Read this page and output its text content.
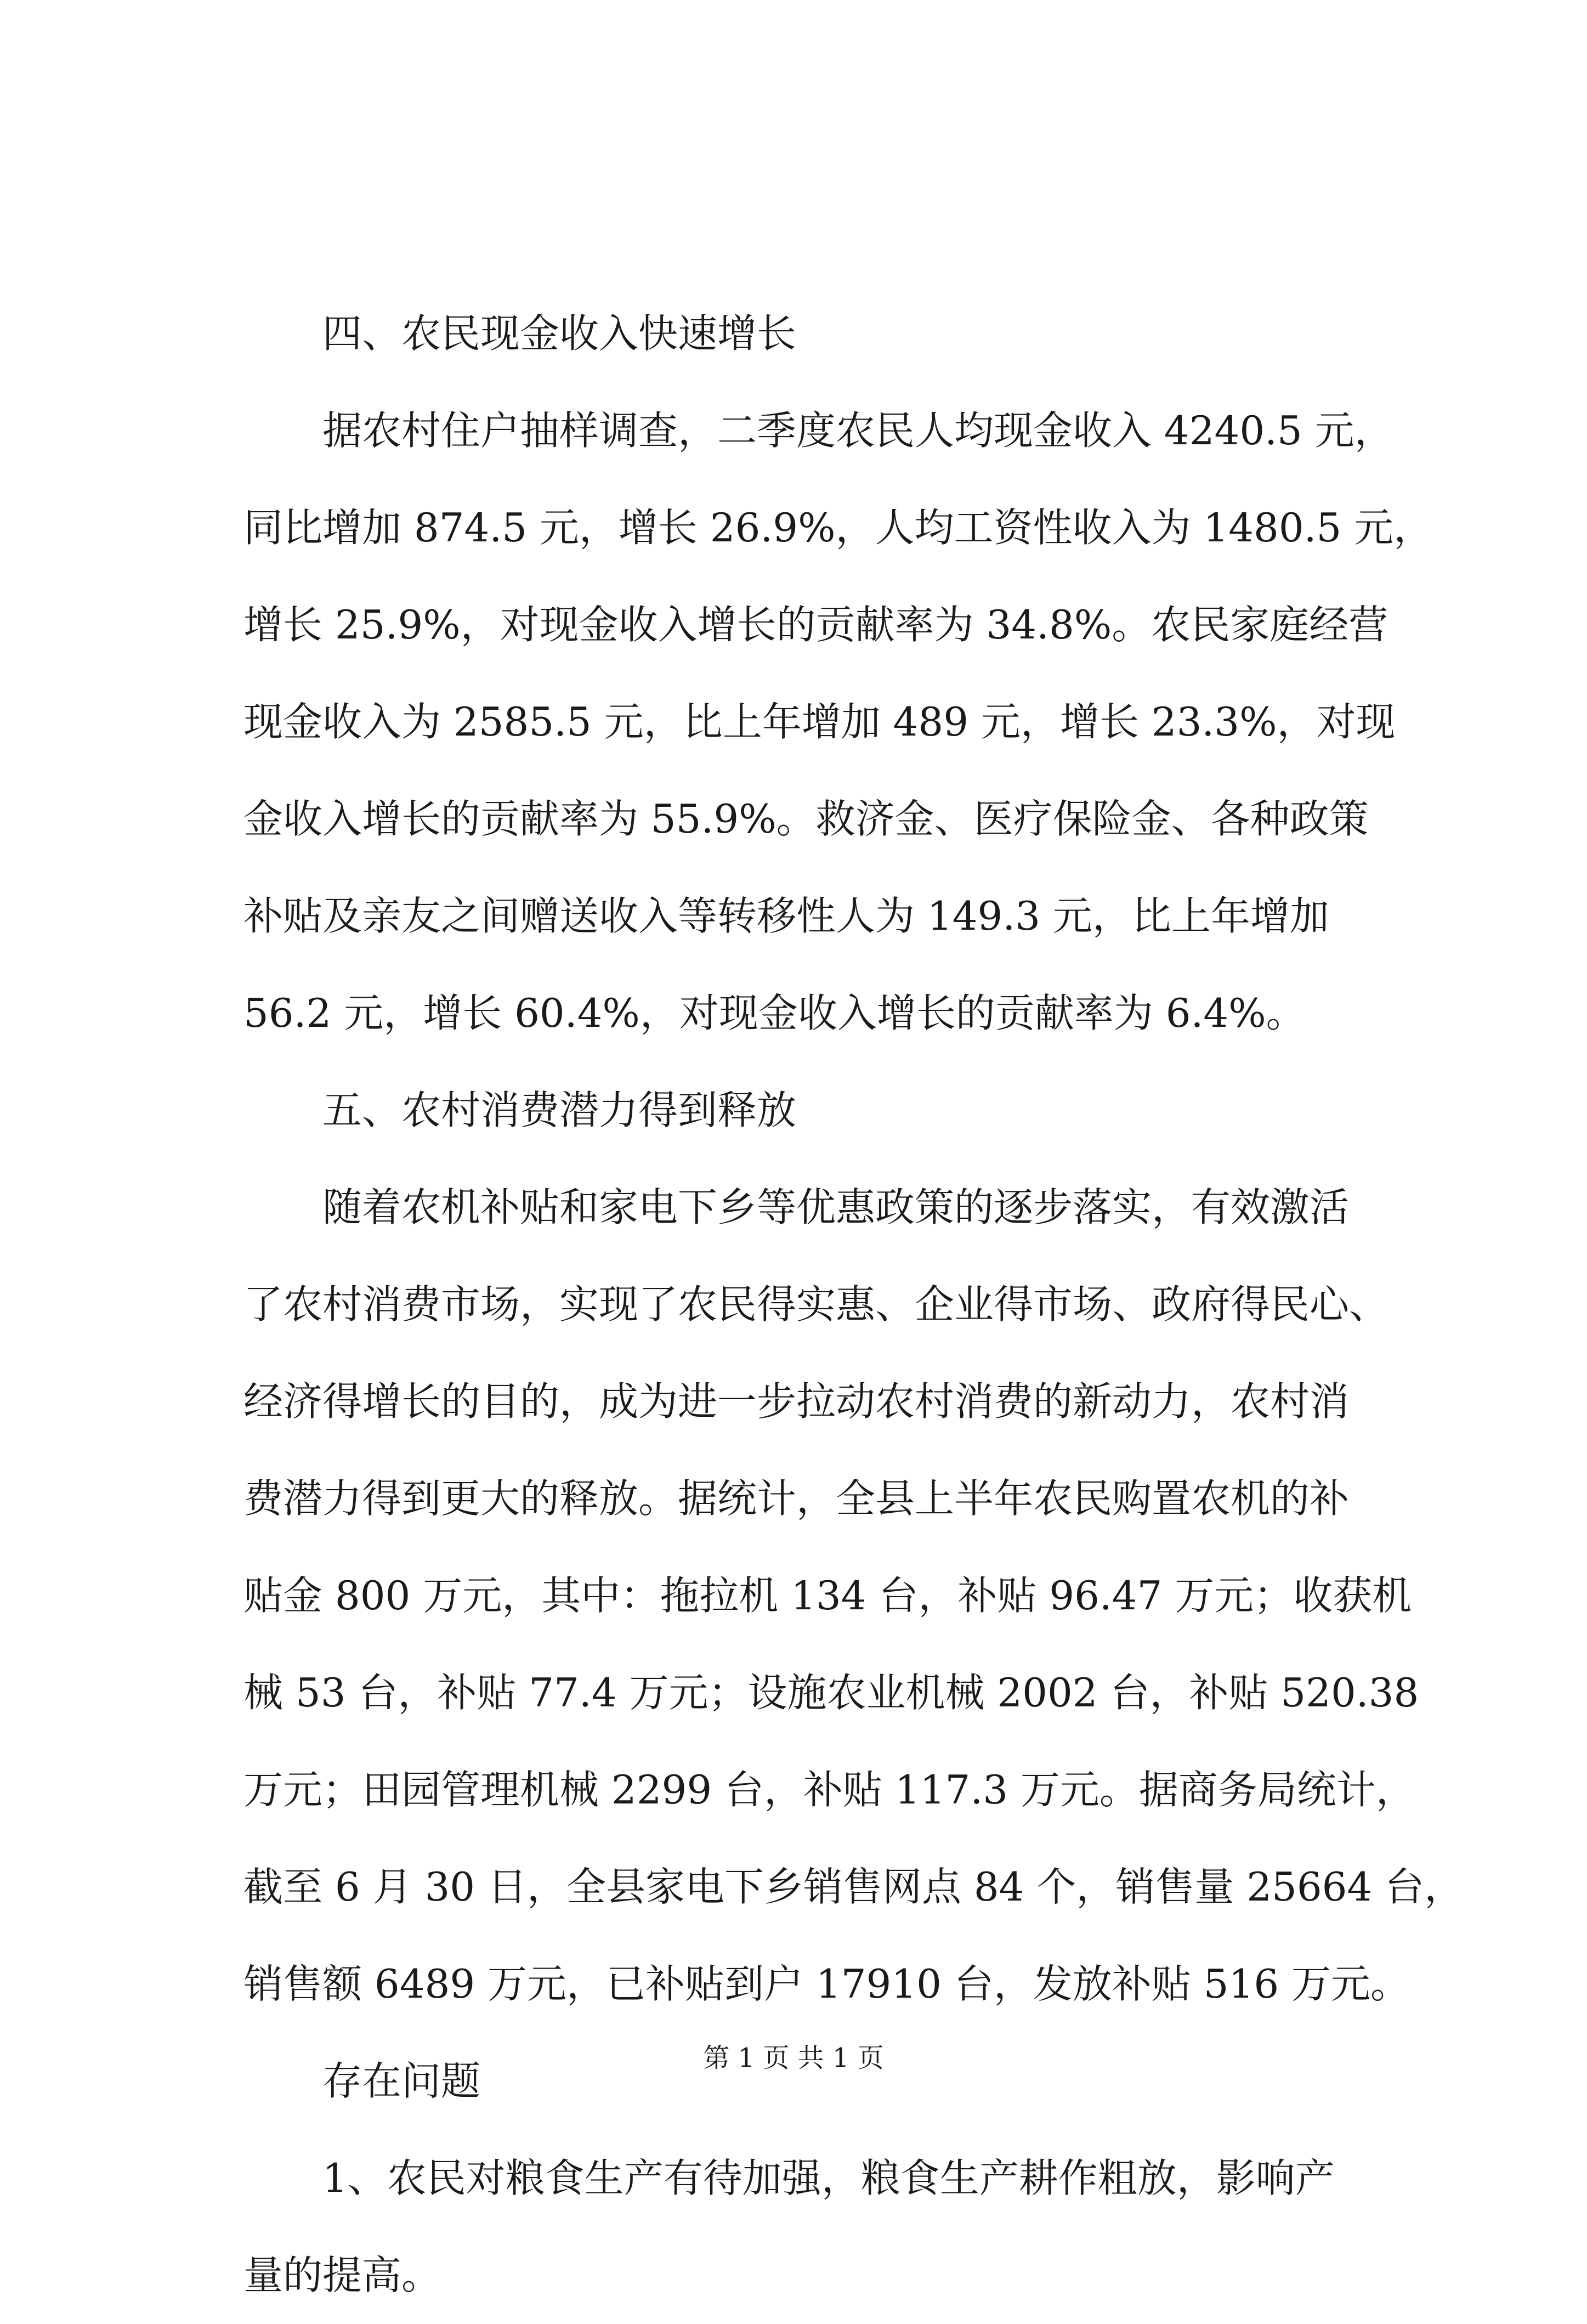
四、农民现金收入快速增长
据农村住户抽样调查，二季度农民人均现金收入 4240.5 元，
同比增加 874.5 元，增长 26.9%，人均工资性收入为 1480.5 元，
增长 25.9%，对现金收入增长的贡献率为 34.8%。农民家庭经营
现金收入为 2585.5 元，比上年增加 489 元，增长 23.3%，对现
金收入增长的贡献率为 55.9%。救济金、医疗保险金、各种政策
补贴及亲友之间赠送收入等转移性人为 149.3 元，比上年增加
56.2 元，增长 60.4%，对现金收入增长的贡献率为 6.4%。
五、农村消费潜力得到释放
随着农机补贴和家电下乡等优惠政策的逐步落实，有效激活
了农村消费市场，实现了农民得实惠、企业得市场、政府得民心、
经济得增长的目的，成为进一步拉动农村消费的新动力，农村消
费潜力得到更大的释放。据统计，全县上半年农民购置农机的补
贴金 800 万元，其中：拖拉机 134 台，补贴 96.47 万元；收获机
械 53 台，补贴 77.4 万元；设施农业机械 2002 台，补贴 520.38
万元；田园管理机械 2299 台，补贴 117.3 万元。据商务局统计，
截至 6 月 30 日，全县家电下乡销售网点 84 个，销售量 25664 台，
销售额 6489 万元，已补贴到户 17910 台，发放补贴 516 万元。
存在问题
1、农民对粮食生产有待加强，粮食生产耕作粗放，影响产
量的提高。
第 1 页 共 1 页
